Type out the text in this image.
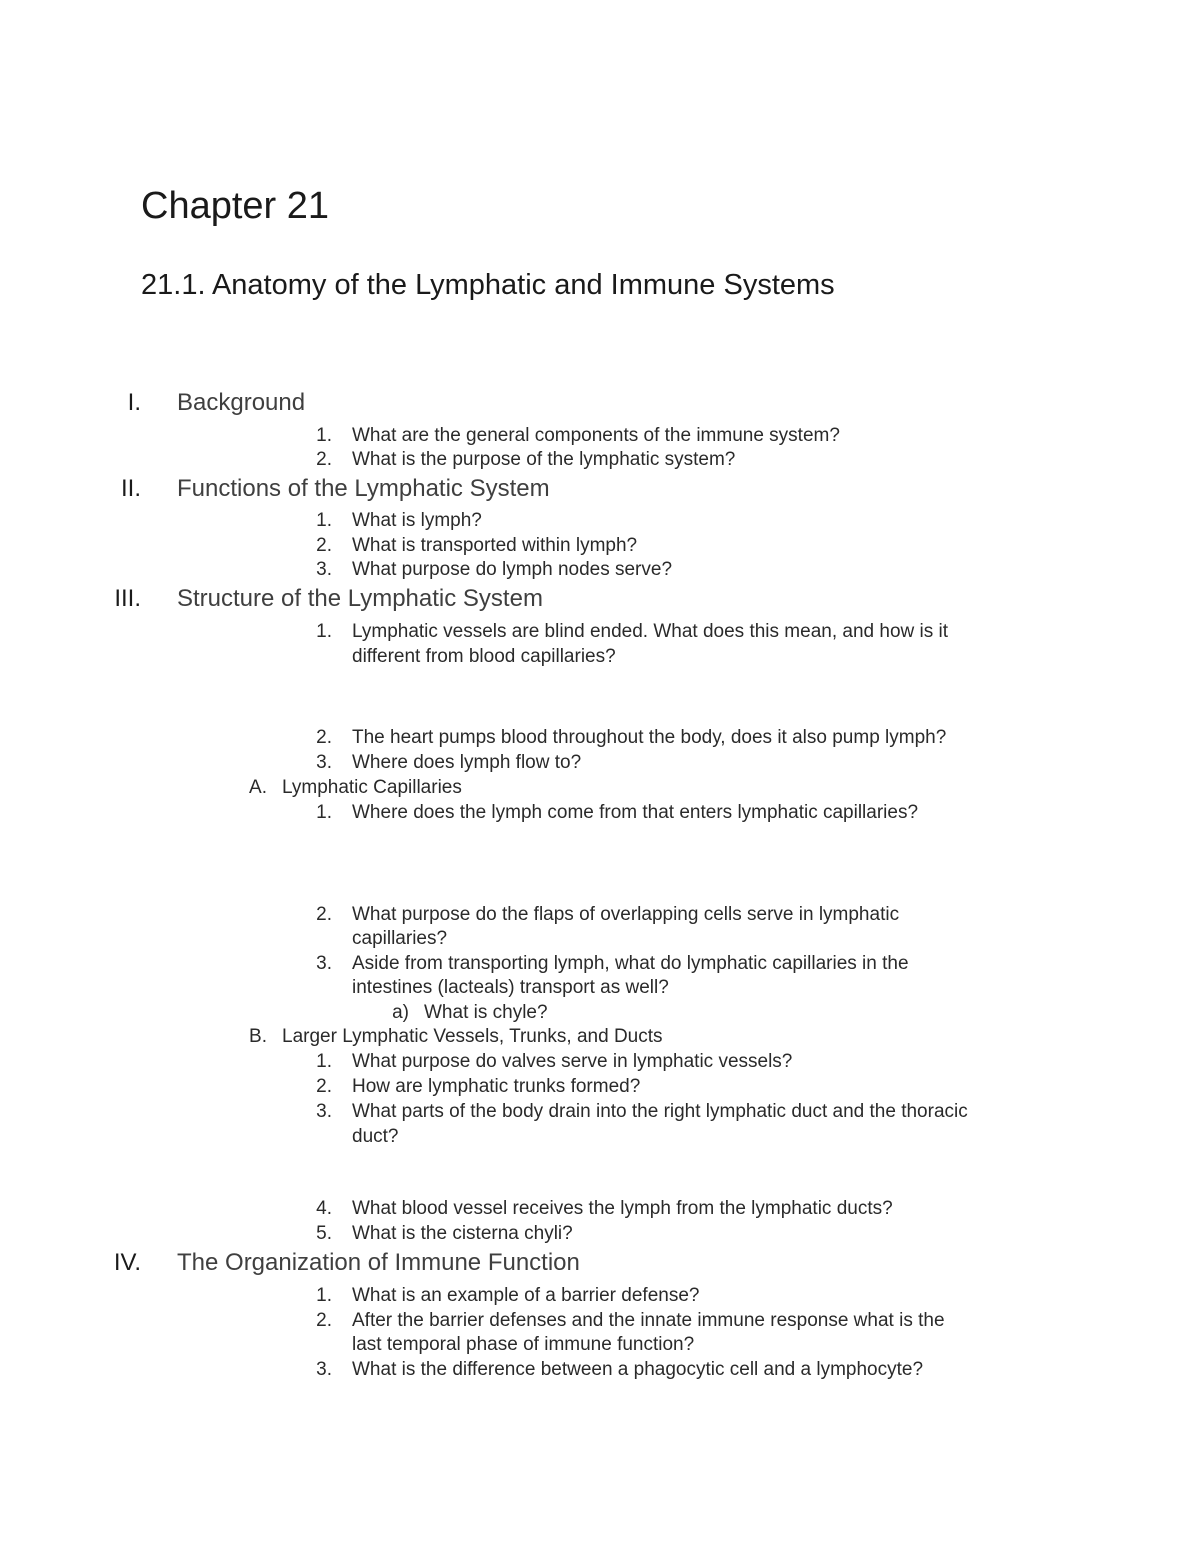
Chapter 21
21.1. Anatomy of the Lymphatic and Immune Systems
I. Background
1. What are the general components of the immune system?
2. What is the purpose of the lymphatic system?
II. Functions of the Lymphatic System
1. What is lymph?
2. What is transported within lymph?
3. What purpose do lymph nodes serve?
III. Structure of the Lymphatic System
1. Lymphatic vessels are blind ended. What does this mean, and how is it
different from blood capillaries?
2. The heart pumps blood throughout the body, does it also pump lymph?
3. Where does lymph flow to?
A. Lymphatic Capillaries
1. Where does the lymph come from that enters lymphatic capillaries?
2. What purpose do the flaps of overlapping cells serve in lymphatic
capillaries?
3. Aside from transporting lymph, what do lymphatic capillaries in the
intestines (lacteals) transport as well?
a) What is chyle?
B. Larger Lymphatic Vessels, Trunks, and Ducts
1. What purpose do valves serve in lymphatic vessels?
2. How are lymphatic trunks formed?
3. What parts of the body drain into the right lymphatic duct and the thoracic
duct?
4. What blood vessel receives the lymph from the lymphatic ducts?
5. What is the cisterna chyli?
IV. The Organization of Immune Function
1. What is an example of a barrier defense?
2. After the barrier defenses and the innate immune response what is the
last temporal phase of immune function?
3. What is the difference between a phagocytic cell and a lymphocyte?
